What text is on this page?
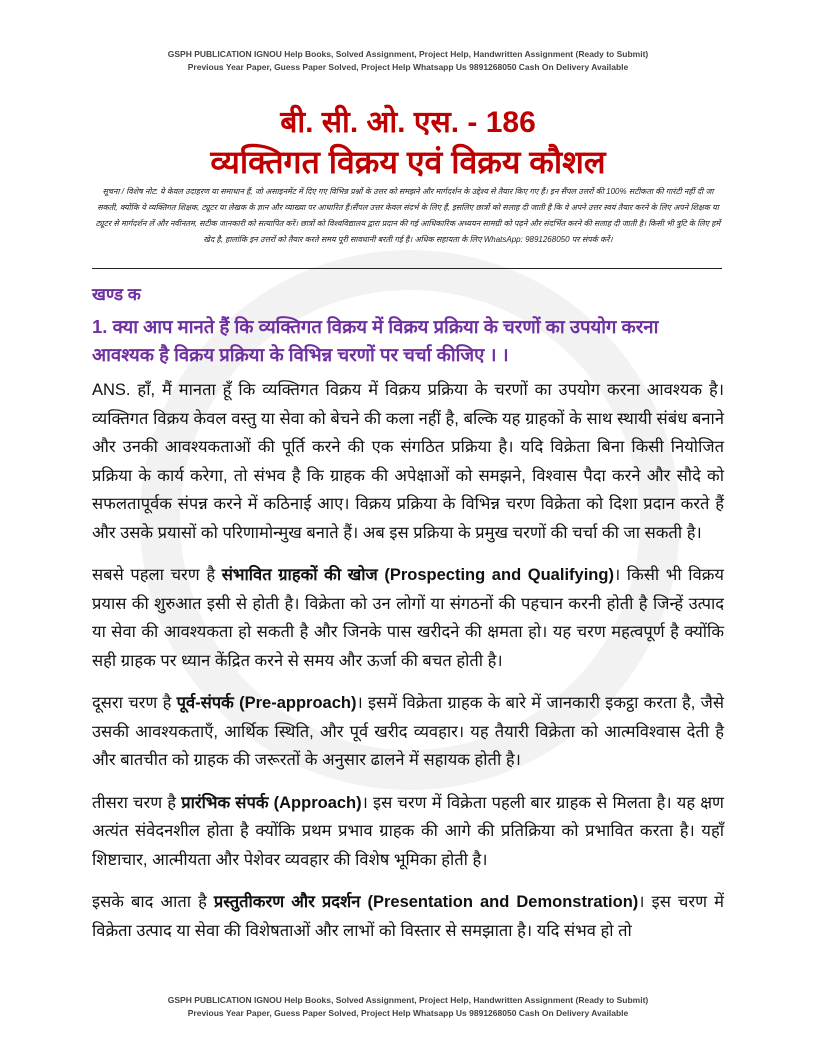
GSPH PUBLICATION IGNOU Help Books, Solved Assignment, Project Help, Handwritten Assignment (Ready to Submit)
Previous Year Paper, Guess Paper Solved, Project Help Whatsapp Us 9891268050 Cash On Delivery Available
बी. सी. ओ. एस. - 186
व्यक्तिगत विक्रय एवं विक्रय कौशल
सूचना / विशेष नोट: ये केवल उदाहरण या समाधान हैं, जो असाइनमेंट में दिए गए विभिन्न प्रश्नों के उत्तर को समझने और मार्गदर्शन के उद्देश्य से तैयार किए गए हैं। इन सैंपल उत्तरों की 100% सटीकता की गारंटी नहीं दी जा सकती, क्योंकि ये व्यक्तिगत शिक्षक, ट्यूटर या लेखक के ज्ञान और व्याख्या पर आधारित हैं।सैंपल उत्तर केवल संदर्भ के लिए हैं, इसलिए छात्रों को सलाह दी जाती है कि वे अपने उत्तर स्वयं तैयार करने के लिए अपने शिक्षक या ट्यूटर से मार्गदर्शन लें और नवीनतम, सटीक जानकारी को सत्यापित करें। छात्रों को विश्वविद्यालय द्वारा प्रदान की गई आधिकारिक अध्ययन सामग्री को पढ़ने और संदर्भित करने की सलाह दी जाती है। किसी भी त्रुटि के लिए हमें खेद है, हालांकि इन उत्तरों को तैयार करते समय पूरी सावधानी बरती गई है। अधिक सहायता के लिए WhatsApp: 9891268050 पर संपर्क करें।
खण्ड क
1. क्या आप मानते हैं कि व्यक्तिगत विक्रय में विक्रय प्रक्रिया के चरणों का उपयोग करना आवश्यक है विक्रय प्रक्रिया के विभिन्न चरणों पर चर्चा कीजिए । ।

ANS. हाँ, मैं मानता हूँ कि व्यक्तिगत विक्रय में विक्रय प्रक्रिया के चरणों का उपयोग करना आवश्यक है। व्यक्तिगत विक्रय केवल वस्तु या सेवा को बेचने की कला नहीं है, बल्कि यह ग्राहकों के साथ स्थायी संबंध बनाने और उनकी आवश्यकताओं की पूर्ति करने की एक संगठित प्रक्रिया है। यदि विक्रेता बिना किसी नियोजित प्रक्रिया के कार्य करेगा, तो संभव है कि ग्राहक की अपेक्षाओं को समझने, विश्वास पैदा करने और सौदे को सफलतापूर्वक संपन्न करने में कठिनाई आए। विक्रय प्रक्रिया के विभिन्न चरण विक्रेता को दिशा प्रदान करते हैं और उसके प्रयासों को परिणामोन्मुख बनाते हैं। अब इस प्रक्रिया के प्रमुख चरणों की चर्चा की जा सकती है।

सबसे पहला चरण है संभावित ग्राहकों की खोज (Prospecting and Qualifying)। किसी भी विक्रय प्रयास की शुरुआत इसी से होती है। विक्रेता को उन लोगों या संगठनों की पहचान करनी होती है जिन्हें उत्पाद या सेवा की आवश्यकता हो सकती है और जिनके पास खरीदने की क्षमता हो। यह चरण महत्वपूर्ण है क्योंकि सही ग्राहक पर ध्यान केंद्रित करने से समय और ऊर्जा की बचत होती है।

दूसरा चरण है पूर्व-संपर्क (Pre-approach)। इसमें विक्रेता ग्राहक के बारे में जानकारी इकट्ठा करता है, जैसे उसकी आवश्यकताएँ, आर्थिक स्थिति, और पूर्व खरीद व्यवहार। यह तैयारी विक्रेता को आत्मविश्वास देती है और बातचीत को ग्राहक की जरूरतों के अनुसार ढालने में सहायक होती है।

तीसरा चरण है प्रारंभिक संपर्क (Approach)। इस चरण में विक्रेता पहली बार ग्राहक से मिलता है। यह क्षण अत्यंत संवेदनशील होता है क्योंकि प्रथम प्रभाव ग्राहक की आगे की प्रतिक्रिया को प्रभावित करता है। यहाँ शिष्टाचार, आत्मीयता और पेशेवर व्यवहार की विशेष भूमिका होती है।

इसके बाद आता है प्रस्तुतीकरण और प्रदर्शन (Presentation and Demonstration)। इस चरण में विक्रेता उत्पाद या सेवा की विशेषताओं और लाभों को विस्तार से समझाता है। यदि संभव हो तो

GSPH PUBLICATION IGNOU Help Books, Solved Assignment, Project Help, Handwritten Assignment (Ready to Submit)
Previous Year Paper, Guess Paper Solved, Project Help Whatsapp Us 9891268050 Cash On Delivery Available
